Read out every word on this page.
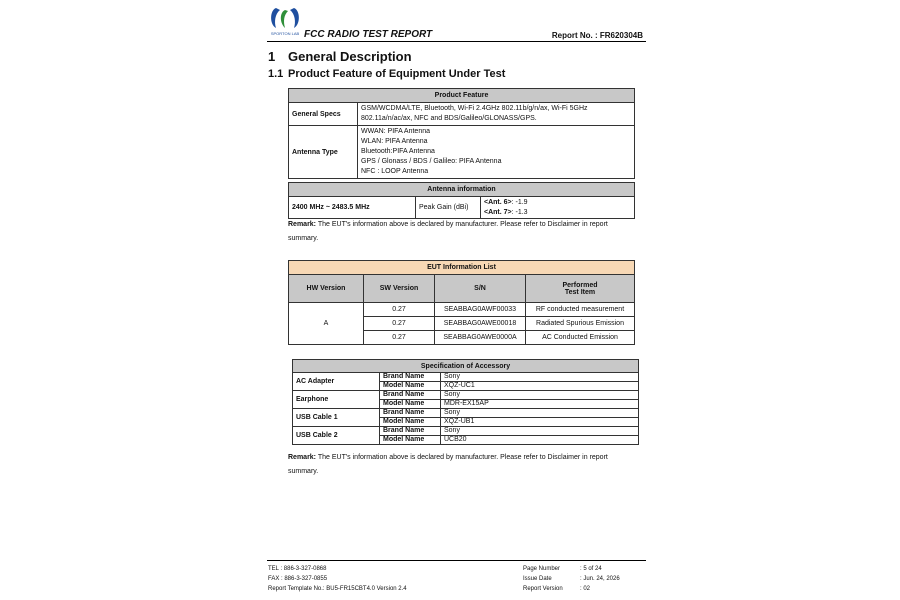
SPORTON LAB FCC RADIO TEST REPORT	Report No. : FR620304B
1 General Description
1.1 Product Feature of Equipment Under Test
Product Feature	
General Specs	GSM/WCDMA/LTE, Bluetooth, Wi-Fi 2.4GHz 802.11b/g/n/ax, Wi-Fi 5GHz
802.11a/n/ac/ax, NFC and BDS/Galileo/GLONASS/GPS.

Antenna Type	WWAN: PIFA Antenna
WLAN: PIFA Antenna
Bluetooth:PIFA Antenna
GPS / Glonass / BDS / Galileo: PIFA Antenna
NFC : LOOP Antenna
Antenna information
2400 MHz ~ 2483.5 MHz	Peak Gain (dBi)	
<Ant. 6>: -1.9
<Ant. 7>: -1.3
Remark: The EUT's information above is declared by manufacturer. Please refer to Disclaimer in report summary.
EUT Information List			
HW Version	SW Version	S/N	Performed
Test Item

A	0.27	SEABBAG0AWF00033	RF conducted measurement
	0.27	SEABBAG0AWE00018	Radiated Spurious Emission
	0.27	SEABBAG0AWE0000A	AC Conducted Emission
Specification of Accessory		
AC Adapter	Brand Name	Sony
	Model Name	XQZ-UC1
Earphone	Brand Name	Sony
	Model Name	MDR-EX15AP
USB Cable 1	Brand Name	Sony
	Model Name	XQZ-UB1
USB Cable 2	Brand Name	Sony
	Model Name	UCB20
Remark: The EUT's information above is declared by manufacturer. Please refer to Disclaimer in report summary.
TEL : 886-3-327-0868
FAX : 886-3-327-0855
Report Template No.: BU5-FR15CBT4.0 Version 2.4
Page Number
Issue Date
Report Version
: 5 of 24
: Jun. 24, 2026
: 02
